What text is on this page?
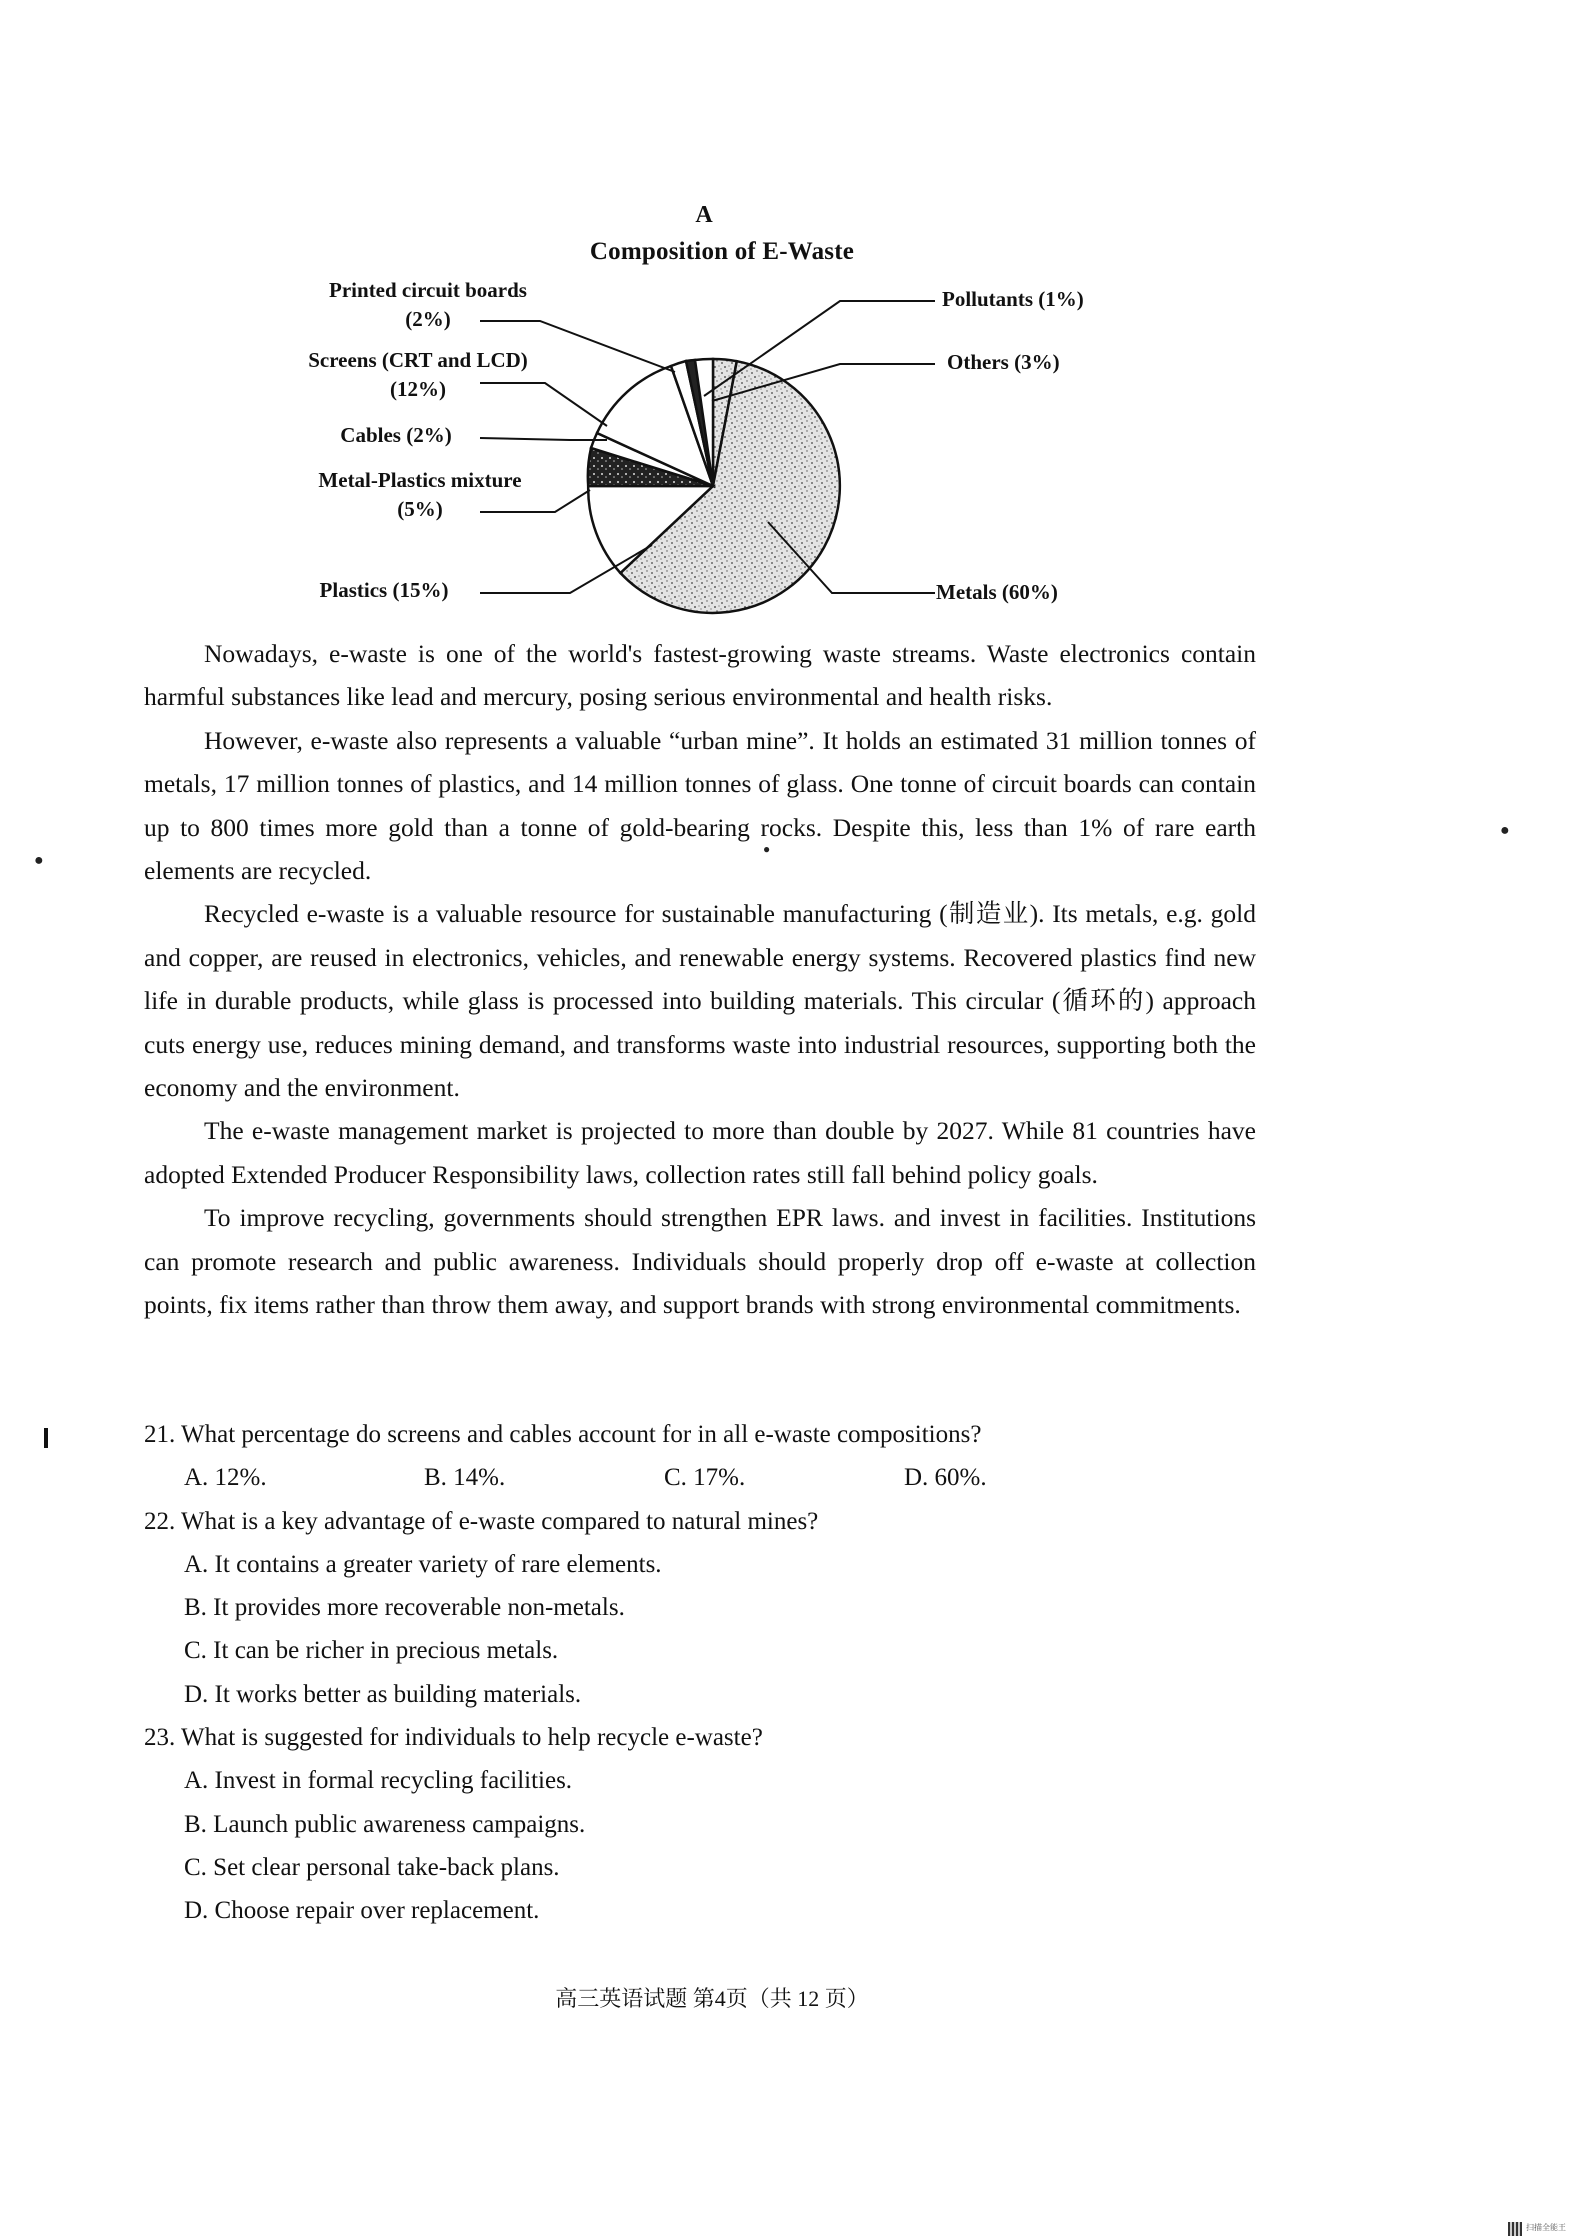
A
Composition of E-Waste
Printed circuit boards
(2%)
Screens (CRT and LCD)
(12%)
Cables (2%)
Metal-Plastics mixture
(5%)
Plastics (15%)
Pollutants (1%)
Others (3%)
Metals (60%)

Nowadays, e-waste is one of the world's fastest-growing waste streams. Waste electronics contain harmful substances like lead and mercury, posing serious environmental and health risks.

However, e-waste also represents a valuable “urban mine”. It holds an estimated 31 million tonnes of metals, 17 million tonnes of plastics, and 14 million tonnes of glass. One tonne of circuit boards can contain up to 800 times more gold than a tonne of gold-bearing rocks. Despite this, less than 1% of rare earth elements are recycled.

Recycled e-waste is a valuable resource for sustainable manufacturing (制造业). Its metals, e.g. gold and copper, are reused in electronics, vehicles, and renewable energy systems. Recovered plastics find new life in durable products, while glass is processed into building materials. This circular (循环的) approach cuts energy use, reduces mining demand, and transforms waste into industrial resources, supporting both the economy and the environment.

The e-waste management market is projected to more than double by 2027. While 81 countries have adopted Extended Producer Responsibility laws, collection rates still fall behind policy goals.

To improve recycling, governments should strengthen EPR laws. and invest in facilities. Institutions can promote research and public awareness. Individuals should properly drop off e-waste at collection points, fix items rather than throw them away, and support brands with strong environmental commitments.

21. What percentage do screens and cables account for in all e-waste compositions?

A. 12%.	B. 14%.	C. 17%.	D. 60%.

22. What is a key advantage of e-waste compared to natural mines?

A. It contains a greater variety of rare elements.

B. It provides more recoverable non-metals.

C. It can be richer in precious metals.

D. It works better as building materials.

23. What is suggested for individuals to help recycle e-waste?

A. Invest in formal recycling facilities.

B. Launch public awareness campaigns.

C. Set clear personal take-back plans.

D. Choose repair over replacement.

●
●
●
高三英语试题 第4页（共 12 页）
扫描全能王
